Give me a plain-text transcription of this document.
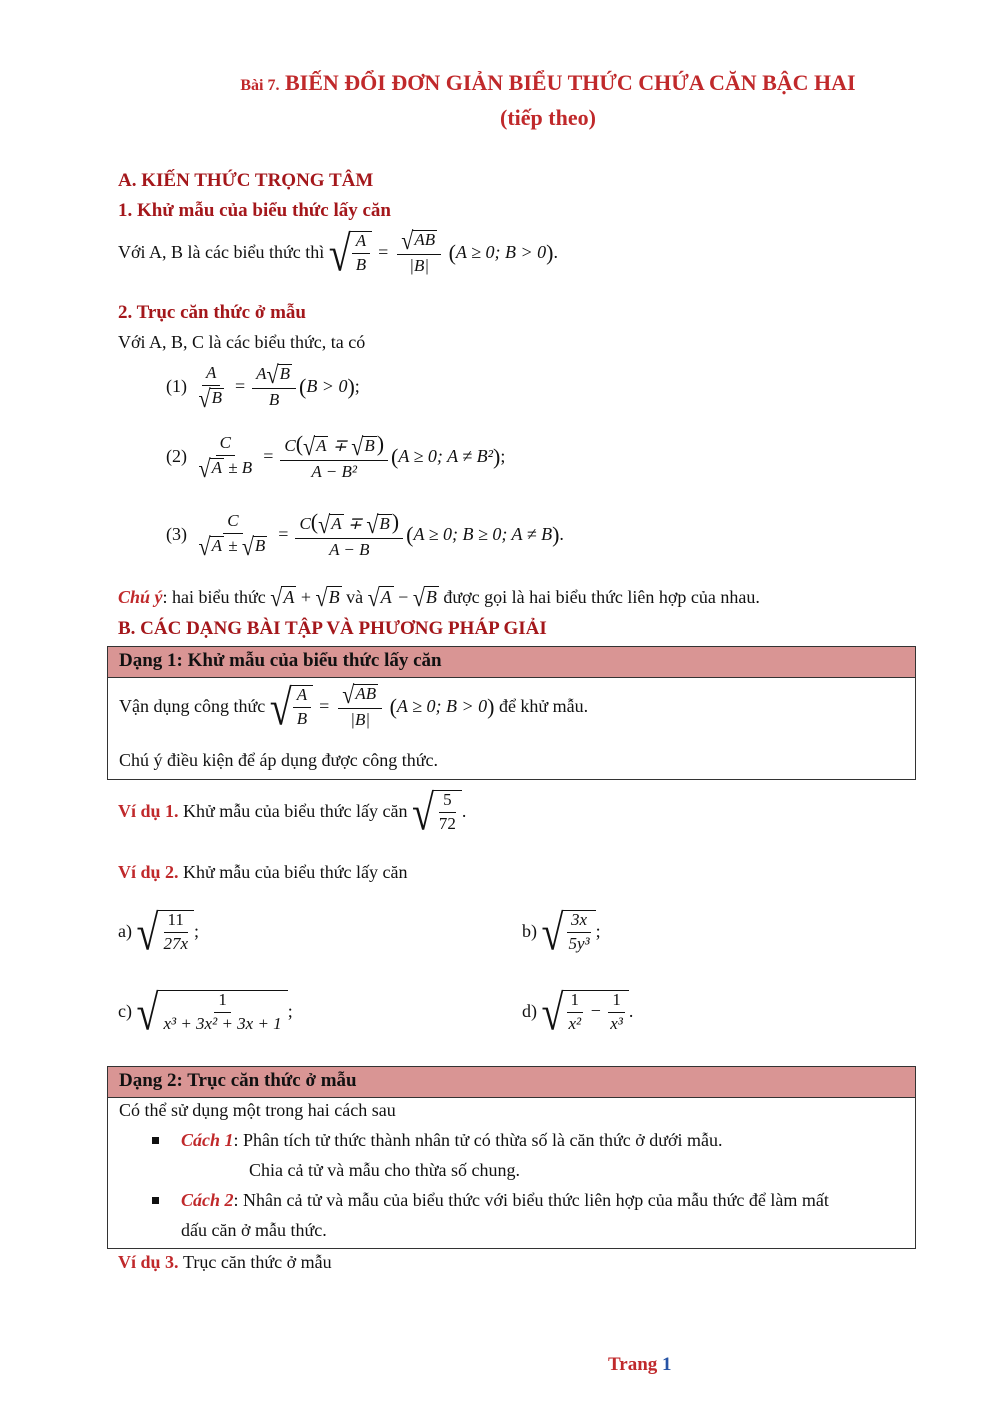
Bài 7. BIẾN ĐỔI ĐƠN GIẢN BIỂU THỨC CHỨA CĂN BẬC HAI
(tiếp theo)
A. KIẾN THỨC TRỌNG TÂM
1. Khử mẫu của biểu thức lấy căn
Với A, B là các biểu thức thì
√ $\frac{A}{B} = \frac{√ AB}{|B|}$
( A ≥ 0; B > 0 ) .
2. Trục căn thức ở mẫu
Với A, B, C là các biểu thức, ta có
(1)
$\frac{A}{√ B} = \frac{A √ B}{B}$ ( B > 0 ) ;
(2)
$\frac{C}{√ A \pm B} = \frac{C( √ A \mp √ B )}{\text{A − B²}}$ ( A ≥ 0; A ≠ B² ) ;
(3)
$\frac{C}{√ A \pm √ B} = \frac{C( √ A \mp √ B )}{A - B}$ ( A ≥ 0; B ≥ 0; A ≠ B ) .
Chú ý : hai biểu thức
√ A + √ B
và
√ A − √ B
được gọi là hai biểu thức liên hợp của nhau.
B. CÁC DẠNG BÀI TẬP VÀ PHƯƠNG PHÁP GIẢI
Dạng 1: Khử mẫu của biểu thức lấy căn
Vận dụng công thức
√ $\frac{A}{B} = \frac{√ AB}{|B|}$
( A ≥ 0; B > 0 )
để khử mẫu.
Chú ý điều kiện để áp dụng được công thức.
Ví dụ 1.
Khử mẫu của biểu thức lấy căn
√ $\frac{5}{72}$ .
Ví dụ 2.
Khử mẫu của biểu thức lấy căn
a)
√ $\frac{11}{27x}$ ;	b)
√ $\frac{3x}{\text{5y³}}$ ;
c)
√ $\frac{1}{\text{x³ + 3x² + 3x + 1}}$ ;	d)
√ $\frac{1}{\text{x²}} - \frac{1}{\text{x³}}$ .
Dạng 2: Trục căn thức ở mẫu
Có thể sử dụng một trong hai cách sau
Cách 1 : Phân tích tử thức thành nhân tử có thừa số là căn thức ở dưới mẫu.
Chia cả tử và mẫu cho thừa số chung.
Cách 2 : Nhân cả tử và mẫu của biểu thức với biểu thức liên hợp của mẫu thức để làm mất
dấu căn ở mẫu thức.
Ví dụ 3.
Trục căn thức ở mẫu
Trang 1
